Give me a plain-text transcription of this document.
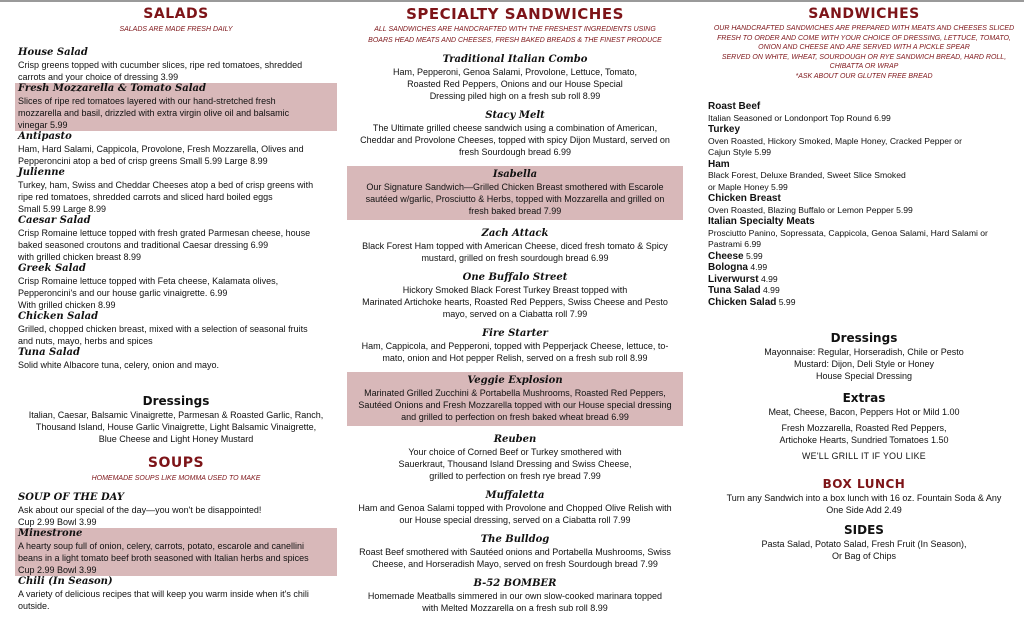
SALADS
SALADS ARE MADE FRESH DAILY
House Salad
Crisp greens topped with cucumber slices, ripe red tomatoes, shredded
carrots and your choice of dressing 3.99
Fresh Mozzarella & Tomato Salad
Slices of ripe red tomatoes layered with our hand-stretched fresh
mozzarella and basil, drizzled with extra virgin olive oil and balsamic
vinegar 5.99
Antipasto
Ham, Hard Salami, Cappicola, Provolone, Fresh Mozzarella, Olives and
Pepperoncini atop a bed of crisp greens Small 5.99 Large 8.99
Julienne
Turkey, ham, Swiss and Cheddar Cheeses atop a bed of crisp greens with
ripe red tomatoes, shredded carrots and sliced hard boiled eggs
Small 5.99 Large 8.99
Caesar Salad
Crisp Romaine lettuce topped with fresh grated Parmesan cheese, house
baked seasoned croutons and traditional Caesar dressing 6.99
with grilled chicken breast 8.99
Greek Salad
Crisp Romaine lettuce topped with Feta cheese, Kalamata olives,
Pepperoncini's and our house garlic vinaigrette. 6.99
With grilled chicken 8.99
Chicken Salad
Grilled, chopped chicken breast, mixed with a selection of seasonal fruits
and nuts, mayo, herbs and spices
Tuna Salad
Solid white Albacore tuna, celery, onion and mayo.
Dressings
Italian, Caesar, Balsamic Vinaigrette, Parmesan & Roasted Garlic, Ranch,
Thousand Island, House Garlic Vinaigrette, Light Balsamic Vinaigrette,
Blue Cheese and Light Honey Mustard
SOUPS
HOMEMADE SOUPS LIKE MOMMA USED TO MAKE
SOUP OF THE DAY
Ask about our special of the day—you won't be disappointed!
Cup 2.99 Bowl 3.99
Minestrone
A hearty soup full of onion, celery, carrots, potato, escarole and canellini
beans in a light tomato beef broth seasoned with Italian herbs and spices
Cup 2.99 Bowl 3.99
Chili (In Season)
A variety of delicious recipes that will keep you warm inside when it's chili
outside.
SPECIALTY SANDWICHES
ALL SANDWICHES ARE HANDCRAFTED WITH THE FRESHEST INGREDIENTS USING
BOARS HEAD MEATS AND CHEESES, FRESH BAKED BREADS & THE FINEST PRODUCE
Traditional Italian Combo
Ham, Pepperoni, Genoa Salami, Provolone, Lettuce, Tomato,
Roasted Red Peppers, Onions and our House Special
Dressing piled high on a fresh sub roll 8.99
Stacy Melt
The Ultimate grilled cheese sandwich using a combination of American,
Cheddar and Provolone Cheeses, topped with spicy Dijon Mustard, served on
fresh Sourdough bread 6.99
Isabella
Our Signature Sandwich—Grilled Chicken Breast smothered with Escarole
sautéed w/garlic, Prosciutto & Herbs, topped with Mozzarella and grilled on
fresh baked bread 7.99
Zach Attack
Black Forest Ham topped with American Cheese, diced fresh tomato & Spicy
mustard, grilled on fresh sourdough bread 6.99
One Buffalo Street
Hickory Smoked Black Forest Turkey Breast topped with
Marinated Artichoke hearts, Roasted Red Peppers, Swiss Cheese and Pesto
mayo, served on a Ciabatta roll 7.99
Fire Starter
Ham, Cappicola, and Pepperoni, topped with Pepperjack Cheese, lettuce, to-
mato, onion and Hot pepper Relish, served on a fresh sub roll 8.99
Veggie Explosion
Marinated Grilled Zucchini & Portabella Mushrooms, Roasted Red Peppers,
Sautéed Onions and Fresh Mozzarella topped with our House special dressing
and grilled to perfection on fresh baked wheat bread 6.99
Reuben
Your choice of Corned Beef or Turkey smothered with
Sauerkraut, Thousand Island Dressing and Swiss Cheese,
grilled to perfection on fresh rye bread 7.99
Muffaletta
Ham and Genoa Salami topped with Provolone and Chopped Olive Relish with
our House special dressing, served on a Ciabatta roll 7.99
The Bulldog
Roast Beef smothered with Sautéed onions and Portabella Mushrooms, Swiss
Cheese, and Horseradish Mayo, served on fresh Sourdough bread 7.99
B-52 BOMBER
Homemade Meatballs simmered in our own slow-cooked marinara topped
with Melted Mozzarella on a fresh sub roll 8.99
SANDWICHES
OUR HANDCRAFTED SANDWICHES ARE PREPARED WITH MEATS AND CHEESES SLICED
FRESH TO ORDER AND COME WITH YOUR CHOICE OF DRESSING, LETTUCE, TOMATO,
ONION AND CHEESE AND ARE SERVED WITH A PICKLE SPEAR
SERVED ON WHITE, WHEAT, SOURDOUGH OR RYE SANDWICH BREAD, HARD ROLL,
CHIBATTA OR WRAP
*ASK ABOUT OUR GLUTEN FREE BREAD
Roast Beef
Italian Seasoned or Londonport Top Round 6.99
Turkey
Oven Roasted, Hickory Smoked, Maple Honey, Cracked Pepper or
Cajun Style 5.99
Ham
Black Forest, Deluxe Branded, Sweet Slice Smoked
or Maple Honey 5.99
Chicken Breast
Oven Roasted, Blazing Buffalo or Lemon Pepper 5.99
Italian Specialty Meats
Prosciutto Panino, Sopressata, Cappicola, Genoa Salami, Hard Salami or
Pastrami 6.99
Cheese 5.99
Bologna 4.99
Liverwurst 4.99
Tuna Salad 4.99
Chicken Salad 5.99
Dressings
Mayonnaise: Regular, Horseradish, Chile or Pesto
Mustard: Dijon, Deli Style or Honey
House Special Dressing
Extras
Meat, Cheese, Bacon, Peppers Hot or Mild 1.00
Fresh Mozzarella, Roasted Red Peppers,
Artichoke Hearts, Sundried Tomatoes 1.50
WE'LL GRILL IT IF YOU LIKE
BOX LUNCH
Turn any Sandwich into a box lunch with 16 oz. Fountain Soda & Any
One Side Add 2.49
SIDES
Pasta Salad, Potato Salad, Fresh Fruit (In Season),
Or Bag of Chips
